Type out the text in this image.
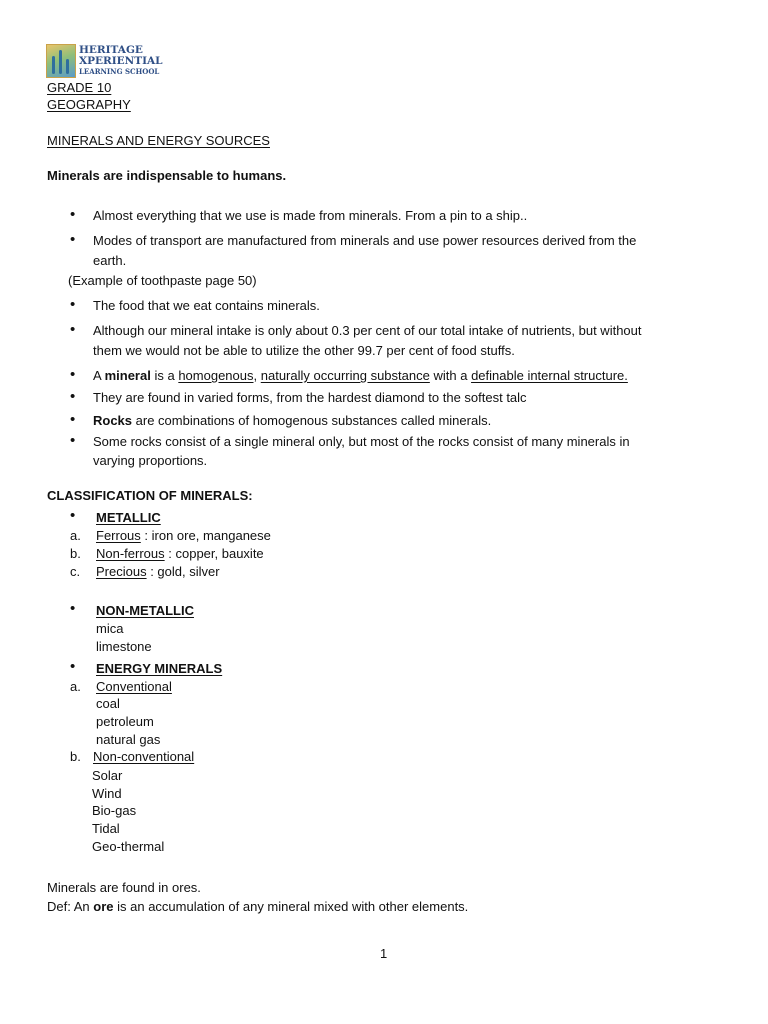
HERITAGE
XPERIENTIAL
LEARNING SCHOOL
GRADE 10
GEOGRAPHY
MINERALS AND ENERGY SOURCES
Minerals are indispensable to humans.
• Almost everything that we use is made from minerals. From a pin to a ship..
• Modes of transport are manufactured from minerals and use power resources derived from the
earth.
(Example of toothpaste page 50)
• The food that we eat contains minerals.
• Although our mineral intake is only about 0.3 per cent of our total intake of nutrients, but without
them we would not be able to utilize the other 99.7 per cent of food stuffs.
• A mineral is a homogenous, naturally occurring substance with a definable internal structure.
• They are found in varied forms, from the hardest diamond to the softest talc
• Rocks are combinations of homogenous substances called minerals.
• Some rocks consist of a single mineral only, but most of the rocks consist of many minerals in
varying proportions.
CLASSIFICATION OF MINERALS:
• METALLIC
a. Ferrous : iron ore, manganese
b. Non-ferrous : copper, bauxite
c. Precious : gold, silver
• NON-METALLIC
mica
limestone
• ENERGY MINERALS
a. Conventional
coal
petroleum
natural gas
b. Non-conventional
Solar
Wind
Bio-gas
Tidal
Geo-thermal
Minerals are found in ores.
Def: An ore is an accumulation of any mineral mixed with other elements.
1
